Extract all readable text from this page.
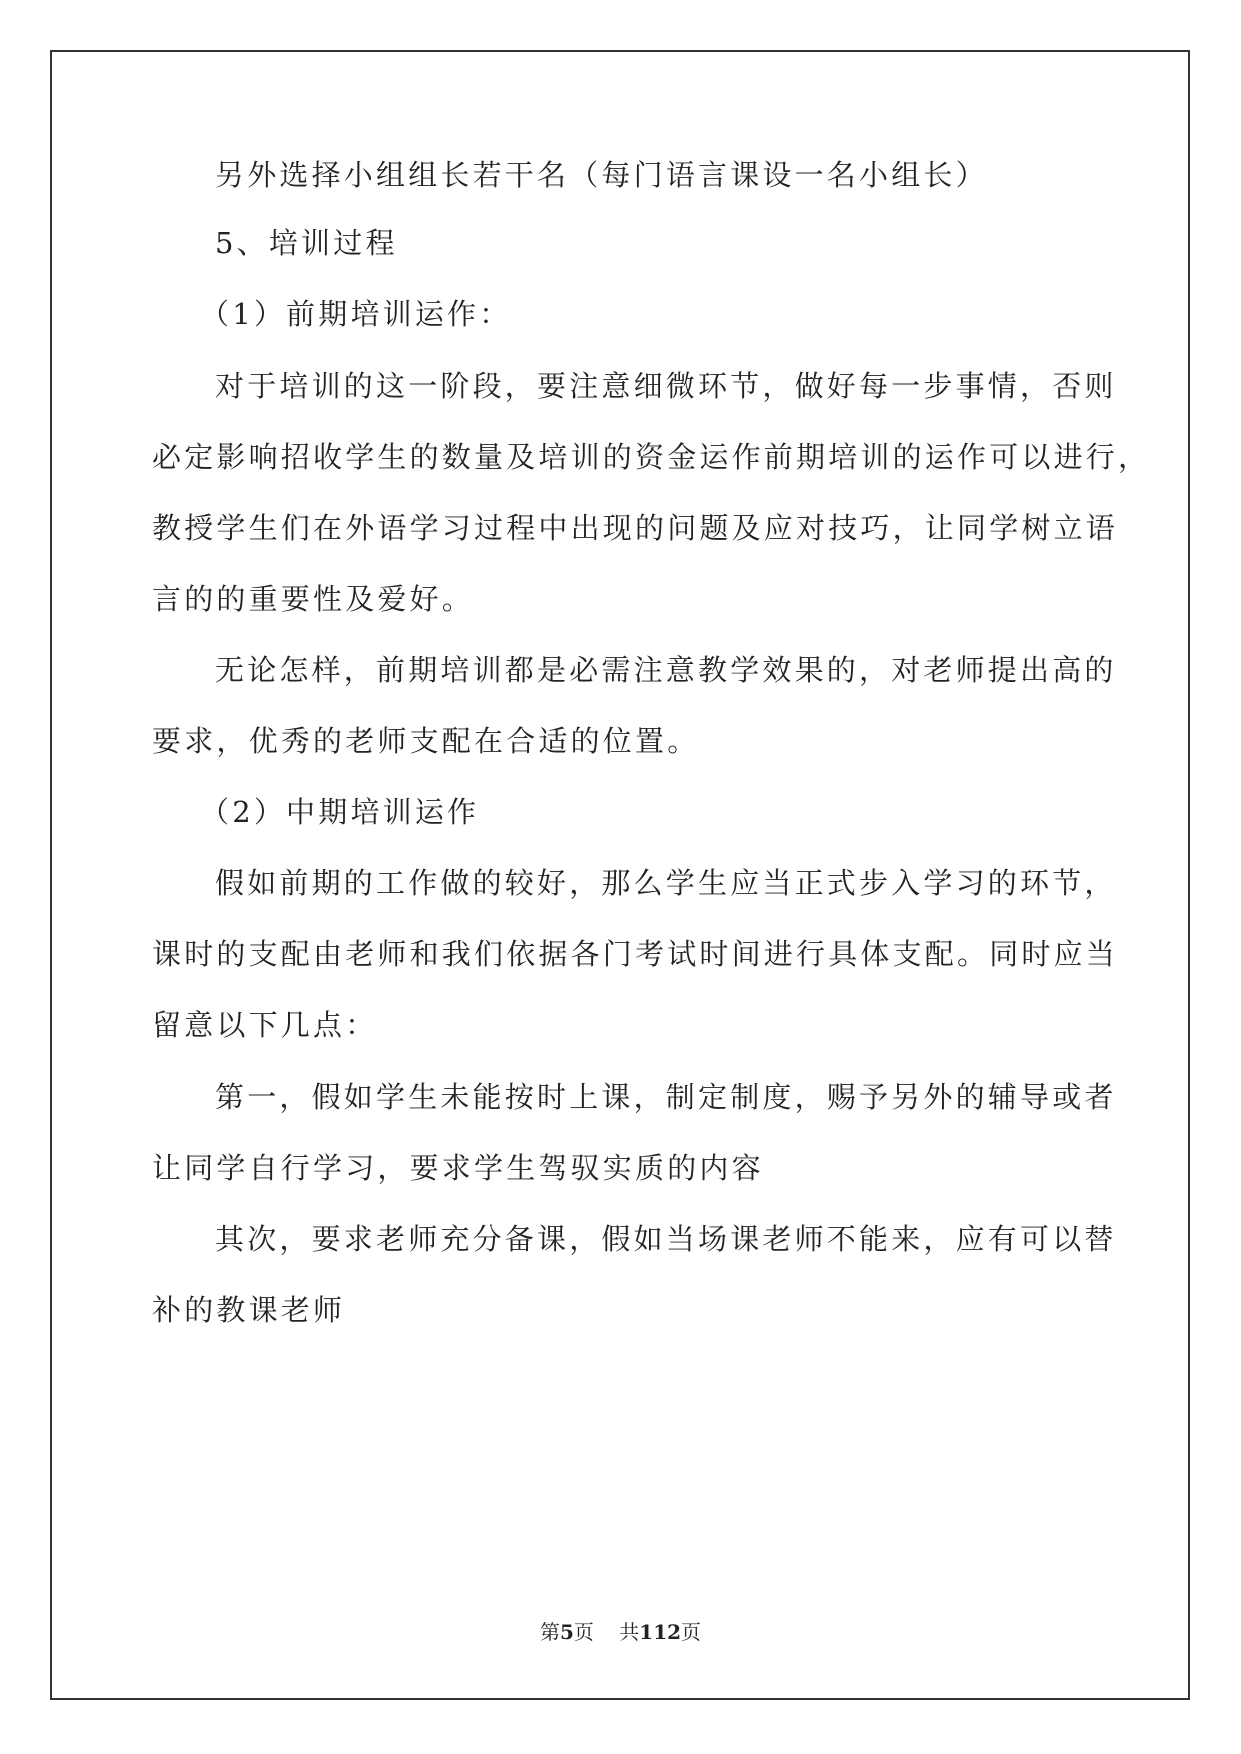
另外选择小组组长若干名（每门语言课设一名小组长）
5、培训过程
（1）前期培训运作：
对于培训的这一阶段，要注意细微环节，做好每一步事情，否则
必定影响招收学生的数量及培训的资金运作前期培训的运作可以进行，
教授学生们在外语学习过程中出现的问题及应对技巧，让同学树立语
言的的重要性及爱好。
无论怎样，前期培训都是必需注意教学效果的，对老师提出高的
要求，优秀的老师支配在合适的位置。
（2）中期培训运作
假如前期的工作做的较好，那么学生应当正式步入学习的环节，
课时的支配由老师和我们依据各门考试时间进行具体支配。同时应当
留意以下几点：
第一，假如学生未能按时上课，制定制度，赐予另外的辅导或者
让同学自行学习，要求学生驾驭实质的内容
其次，要求老师充分备课，假如当场课老师不能来，应有可以替
补的教课老师
第5页 共112页
